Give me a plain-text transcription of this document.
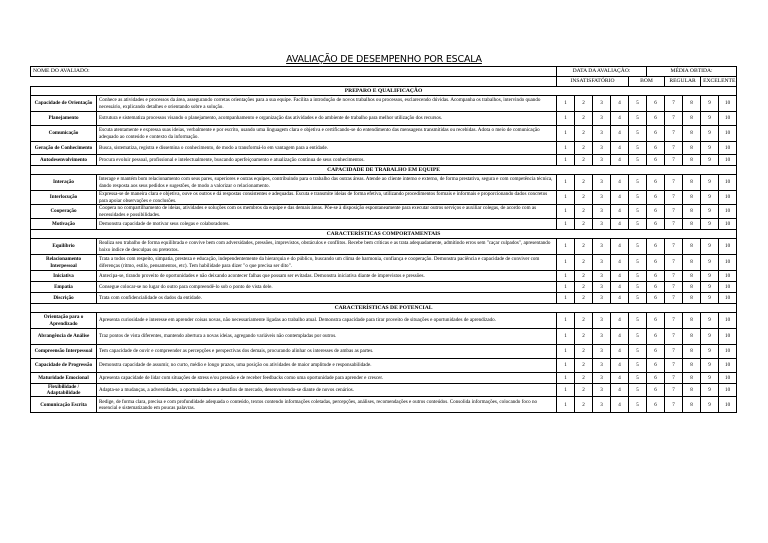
AVALIAÇÃO DE DESEMPENHO POR ESCALA
NOME DO AVALIADO:		DATA DA AVALIAÇÃO:					MÉDIA OBTIDA:				
		INSATISFATÓRIO				BOM		REGULAR		EXCELENTE	
PREPARO E QUALIFICAÇÃO											
Capacidade de Orientação	Conhece as atividades e processos da área, assegurando corretas orientações para a sua equipe. Facilita a introdução de novos trabalhos ou processos, esclarecendo dúvidas. Acompanha os trabalhos, intervindo quando necessário, explicando detalhes e orientando sobre a solução.	1	2	3	4	5	6	7	8	9	10
Planejamento	Estrutura e sistematiza processos visando o planejamento, acompanhamento e organização das atividades e do ambiente de trabalho para melhor utilização dos recursos.	1	2	3	4	5	6	7	8	9	10
Comunicação	Escuta atentamente e expressa suas ideias, verbalmente e por escrito, usando uma linguagem clara e objetiva e certificando-se do entendimento das mensagens transmitidas ou recebidas. Adota o meio de comunicação adequado ao conteúdo e contexto da informação.	1	2	3	4	5	6	7	8	9	10
Geração de Conhecimento	Busca, sistematiza, registra e dissemina o conhecimento, de modo a transformá-lo em vantagem para a entidade.	1	2	3	4	5	6	7	8	9	10
Autodesenvolvimento	Procura evoluir pessoal, profissional e intelectualmente, buscando aperfeiçoamento e atualização contínua de seus conhecimentos.	1	2	3	4	5	6	7	8	9	10
CAPACIDADE DE TRABALHO EM EQUIPE											
Interação	Interage e mantém bom relacionamento com seus pares, superiores e outras equipes, contribuindo para o trabalho das outras áreas. Atende ao cliente interno e externo, de forma prestativa, segura e com competência técnica, dando resposta aos seus pedidos e sugestões, de modo a valorizar o relacionamento.	1	2	3	4	5	6	7	8	9	10
Interlocução	Expressa-se de maneira clara e objetiva, ouve os outros e dá respostas consistentes e adequadas. Escuta e transmite ideias de forma efetiva, utilizando procedimentos formais e informais e proporcionando dados concretos para apoiar observações e conclusões.	1	2	3	4	5	6	7	8	9	10
Cooperação	Coopera no compartilhamento de ideias, atividades e soluções com os membros da equipe e das demais áreas. Põe-se à disposição espontaneamente para executar outros serviços e auxiliar colegas, de acordo com as necessidades e possibilidades.	1	2	3	4	5	6	7	8	9	10
Motivação	Demonstra capacidade de motivar seus colegas e colaboradores.	1	2	3	4	5	6	7	8	9	10
CARACTERÍSTICAS COMPORTAMENTAIS											
Equilíbrio	Realiza seu trabalho de forma equilibrada e convive bem com adversidades, pressões, imprevistos, obstáculos e conflitos. Recebe bem críticas e as trata adequadamente, admitindo erros sem "caçar culpados", apresentando baixo índice de desculpas ou pretextos.	1	2	3	4	5	6	7	8	9	10
Relacionamento Interpessoal	Trata a todos com respeito, simpatia, presteza e educação, independentemente da hierarquia e do público, buscando um clima de harmonia, confiança e cooperação. Demonstra paciência e capacidade de conviver com diferenças (ritmo, estilo, pensamentos, etc). Tem habilidade para dizer "o que precisa ser dito".	1	2	3	4	5	6	7	8	9	10
Iniciativa	Antecipa-se, tirando proveito de oportunidades e não deixando acontecer falhas que possam ser evitadas. Demonstra iniciativa diante de imprevistos e pressões.	1	2	3	4	5	6	7	8	9	10
Empatia	Consegue colocar-se no lugar do outro para compreendê-lo sob o ponto de vista dele.	1	2	3	4	5	6	7	8	9	10
Discrição	Trata com confidencialidade os dados da entidade.	1	2	3	4	5	6	7	8	9	10
CARACTERÍSTICAS DE POTENCIAL											
Orientação para o Aprendizado	Apresenta curiosidade e interesse em aprender coisas novas, não necessariamente ligadas ao trabalho atual. Demonstra capacidade para tirar proveito de situações e oportunidades de aprendizado.	1	2	3	4	5	6	7	8	9	10
Abrangência de Análise	Traz pontos de vista diferentes, mantendo abertura a novas ideias, agregando variáveis não contempladas por outros.	1	2	3	4	5	6	7	8	9	10
Compreensão Interpessoal	Tem capacidade de ouvir e compreender as percepções e perspectivas dos demais, procurando alinhar os interesses de ambas as partes.	1	2	3	4	5	6	7	8	9	10
Capacidade de Progressão	Demonstra capacidade de assumir, no curto, médio e longo prazos, uma posição ou atividades de maior amplitude e responsabilidade.	1	2	3	4	5	6	7	8	9	10
Maturidade Emocional	Apresenta capacidade de lidar com situações de stress e/ou pressão e de receber feedbacks como uma oportunidade para aprender e crescer.	1	2	3	4	5	6	7	8	9	10
Flexibilidade / Adaptabilidade	Adapta-se a mudanças, a adversidades, a oportunidades e a desafios de mercado, desenvolvendo-se diante de novos cenários.	1	2	3	4	5	6	7	8	9	10
Comunicação Escrita	Redige, de forma clara, precisa e com profundidade adequada o conteúdo, textos contendo informações coletadas, percepções, análises, recomendações e outros conteúdos. Consolida informações, colocando foco no essencial e sistematizando em poucas palavras.	1	2	3	4	5	6	7	8	9	10
